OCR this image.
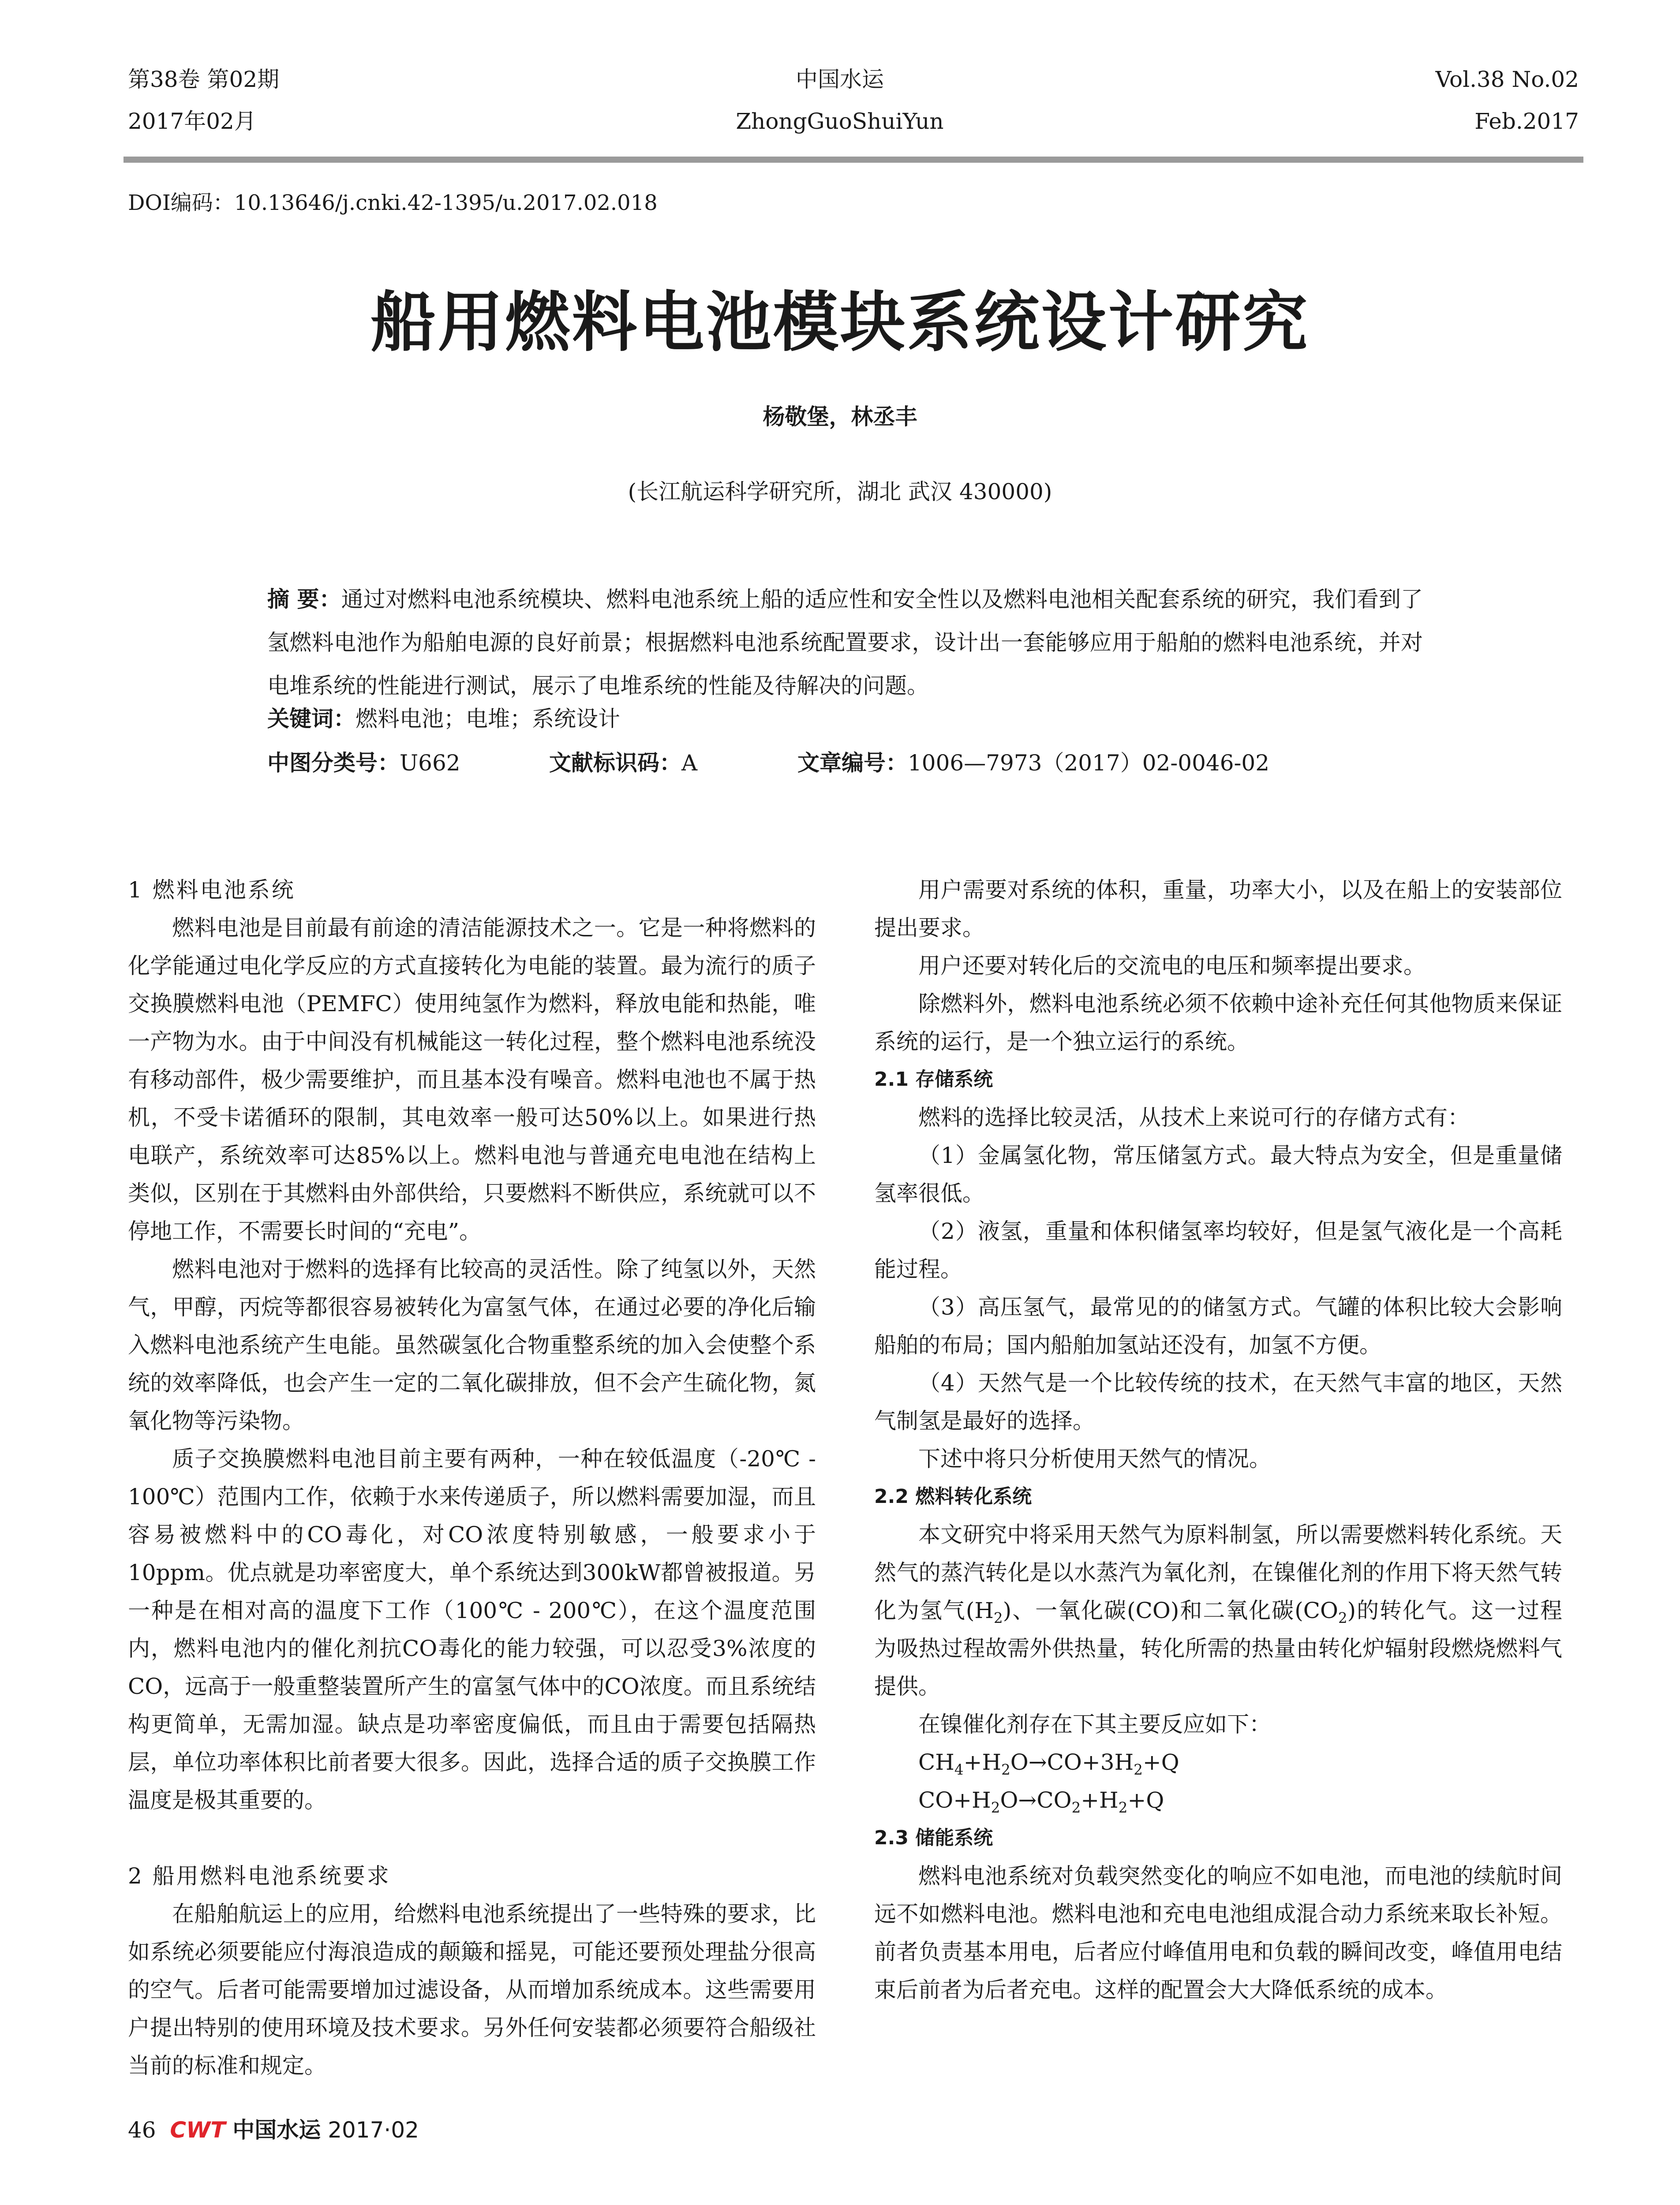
第38卷 第02期
2017年02月
中国水运
ZhongGuoShuiYun
Vol.38 No.02
Feb.2017
DOI编码：10.13646/j.cnki.42-1395/u.2017.02.018
船用燃料电池模块系统设计研究
杨敬堡，林丞丰
(长江航运科学研究所，湖北 武汉 430000)
摘 要：通过对燃料电池系统模块、燃料电池系统上船的适应性和安全性以及燃料电池相关配套系统的研究，我们看到了氢燃料电池作为船舶电源的良好前景；根据燃料电池系统配置要求，设计出一套能够应用于船舶的燃料电池系统，并对电堆系统的性能进行测试，展示了电堆系统的性能及待解决的问题。
关键词：燃料电池；电堆；系统设计
中图分类号：U662	文献标识码：A	文章编号：1006—7973（2017）02-0046-02
1 燃料电池系统

燃料电池是目前最有前途的清洁能源技术之一。它是一种将燃料的化学能通过电化学反应的方式直接转化为电能的装置。最为流行的质子交换膜燃料电池（PEMFC）使用纯氢作为燃料，释放电能和热能，唯一产物为水。由于中间没有机械能这一转化过程，整个燃料电池系统没有移动部件，极少需要维护，而且基本没有噪音。燃料电池也不属于热机，不受卡诺循环的限制，其电效率一般可达50%以上。如果进行热电联产，系统效率可达85%以上。燃料电池与普通充电电池在结构上类似，区别在于其燃料由外部供给，只要燃料不断供应，系统就可以不停地工作，不需要长时间的“充电”。

燃料电池对于燃料的选择有比较高的灵活性。除了纯氢以外，天然气，甲醇，丙烷等都很容易被转化为富氢气体，在通过必要的净化后输入燃料电池系统产生电能。虽然碳氢化合物重整系统的加入会使整个系统的效率降低，也会产生一定的二氧化碳排放，但不会产生硫化物，氮氧化物等污染物。

质子交换膜燃料电池目前主要有两种，一种在较低温度（-20℃ - 100℃）范围内工作，依赖于水来传递质子，所以燃料需要加湿，而且容易被燃料中的CO毒化，对CO浓度特别敏感，一般要求小于10ppm。优点就是功率密度大，单个系统达到300kW都曾被报道。另一种是在相对高的温度下工作（100℃ - 200℃），在这个温度范围内，燃料电池内的催化剂抗CO毒化的能力较强，可以忍受3%浓度的CO，远高于一般重整装置所产生的富氢气体中的CO浓度。而且系统结构更简单，无需加湿。缺点是功率密度偏低，而且由于需要包括隔热层，单位功率体积比前者要大很多。因此，选择合适的质子交换膜工作温度是极其重要的。

2 船用燃料电池系统要求

在船舶航运上的应用，给燃料电池系统提出了一些特殊的要求，比如系统必须要能应付海浪造成的颠簸和摇晃，可能还要预处理盐分很高的空气。后者可能需要增加过滤设备，从而增加系统成本。这些需要用户提出特别的使用环境及技术要求。另外任何安装都必须要符合船级社当前的标准和规定。

用户需要对系统的体积，重量，功率大小，以及在船上的安装部位提出要求。

用户还要对转化后的交流电的电压和频率提出要求。

除燃料外，燃料电池系统必须不依赖中途补充任何其他物质来保证系统的运行，是一个独立运行的系统。

2.1 存储系统

燃料的选择比较灵活，从技术上来说可行的存储方式有：

（1）金属氢化物，常压储氢方式。最大特点为安全，但是重量储氢率很低。

（2）液氢，重量和体积储氢率均较好，但是氢气液化是一个高耗能过程。

（3）高压氢气，最常见的的储氢方式。气罐的体积比较大会影响船舶的布局；国内船舶加氢站还没有，加氢不方便。

（4）天然气是一个比较传统的技术，在天然气丰富的地区，天然气制氢是最好的选择。

下述中将只分析使用天然气的情况。

2.2 燃料转化系统

本文研究中将采用天然气为原料制氢，所以需要燃料转化系统。天然气的蒸汽转化是以水蒸汽为氧化剂，在镍催化剂的作用下将天然气转化为氢气$(H_2)$、一氧化碳(CO)和二氧化碳$(CO_2)$的转化气。这一过程为吸热过程故需外供热量，转化所需的热量由转化炉辐射段燃烧燃料气提供。

在镍催化剂存在下其主要反应如下：

$CH_4+H_2O\to CO+3H_2+Q$

$CO+H_2O\to CO_2+H_2+Q$

2.3 储能系统

燃料电池系统对负载突然变化的响应不如电池，而电池的续航时间远不如燃料电池。燃料电池和充电电池组成混合动力系统来取长补短。前者负责基本用电，后者应付峰值用电和负载的瞬间改变，峰值用电结束后前者为后者充电。这样的配置会大大降低系统的成本。

46 CWT 中国水运 2017·02
